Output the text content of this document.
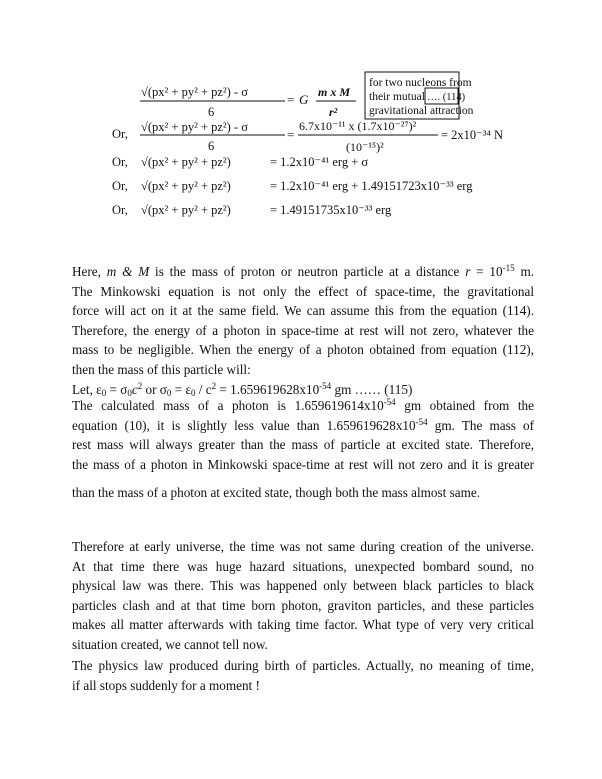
√(px² + py² + pz²) - σ
6
= G m x M
r²
for two nucleons from
their mutual …. (114)
gravitational attraction
Or, √(px² + py² + pz²) - σ
6
=
6.7x10⁻¹¹ x (1.7x10⁻²⁷)²
(10⁻¹⁵)²
= 2x10⁻³⁴ N
Or, √(px² + py² + pz²)	= 1.2x10⁻⁴¹ erg + σ
Or, √(px² + py² + pz²)	= 1.2x10⁻⁴¹ erg + 1.49151723x10⁻³³ erg
Or, √(px² + py² + pz²)	= 1.49151735x10⁻³³ erg
Here, m & M is the mass of proton or neutron particle at a distance $r = 10^{-15}$ m.
The Minkowski equation is not only the effect of space-time, the gravitational
force will act on it at the same field. We can assume this from the equation (114).
Therefore, the energy of a photon in space-time at rest will not zero, whatever the
mass to be negligible. When the energy of a photon obtained from equation (112),
then the mass of this particle will:
Let, $\varepsilon_0 = \sigma_0c^2$ or $\sigma_0 = \varepsilon_0 / c^2 = 1.659619628x10^{-54}$ gm …… (115)
The calculated mass of a photon is $1.659619614x10^{-54}$ gm obtained from the
equation (10), it is slightly less value than $1.659619628x10^{-54}$ gm. The mass of
rest mass will always greater than the mass of particle at excited state. Therefore,
the mass of a photon in Minkowski space-time at rest will not zero and it is greater
than the mass of a photon at excited state, though both the mass almost same.
Therefore at early universe, the time was not same during creation of the universe.
At that time there was huge hazard situations, unexpected bombard sound, no
physical law was there. This was happened only between black particles to black
particles clash and at that time born photon, graviton particles, and these particles
makes all matter afterwards with taking time factor. What type of very very critical
situation created, we cannot tell now.
The physics law produced during birth of particles. Actually, no meaning of time,
if all stops suddenly for a moment !
